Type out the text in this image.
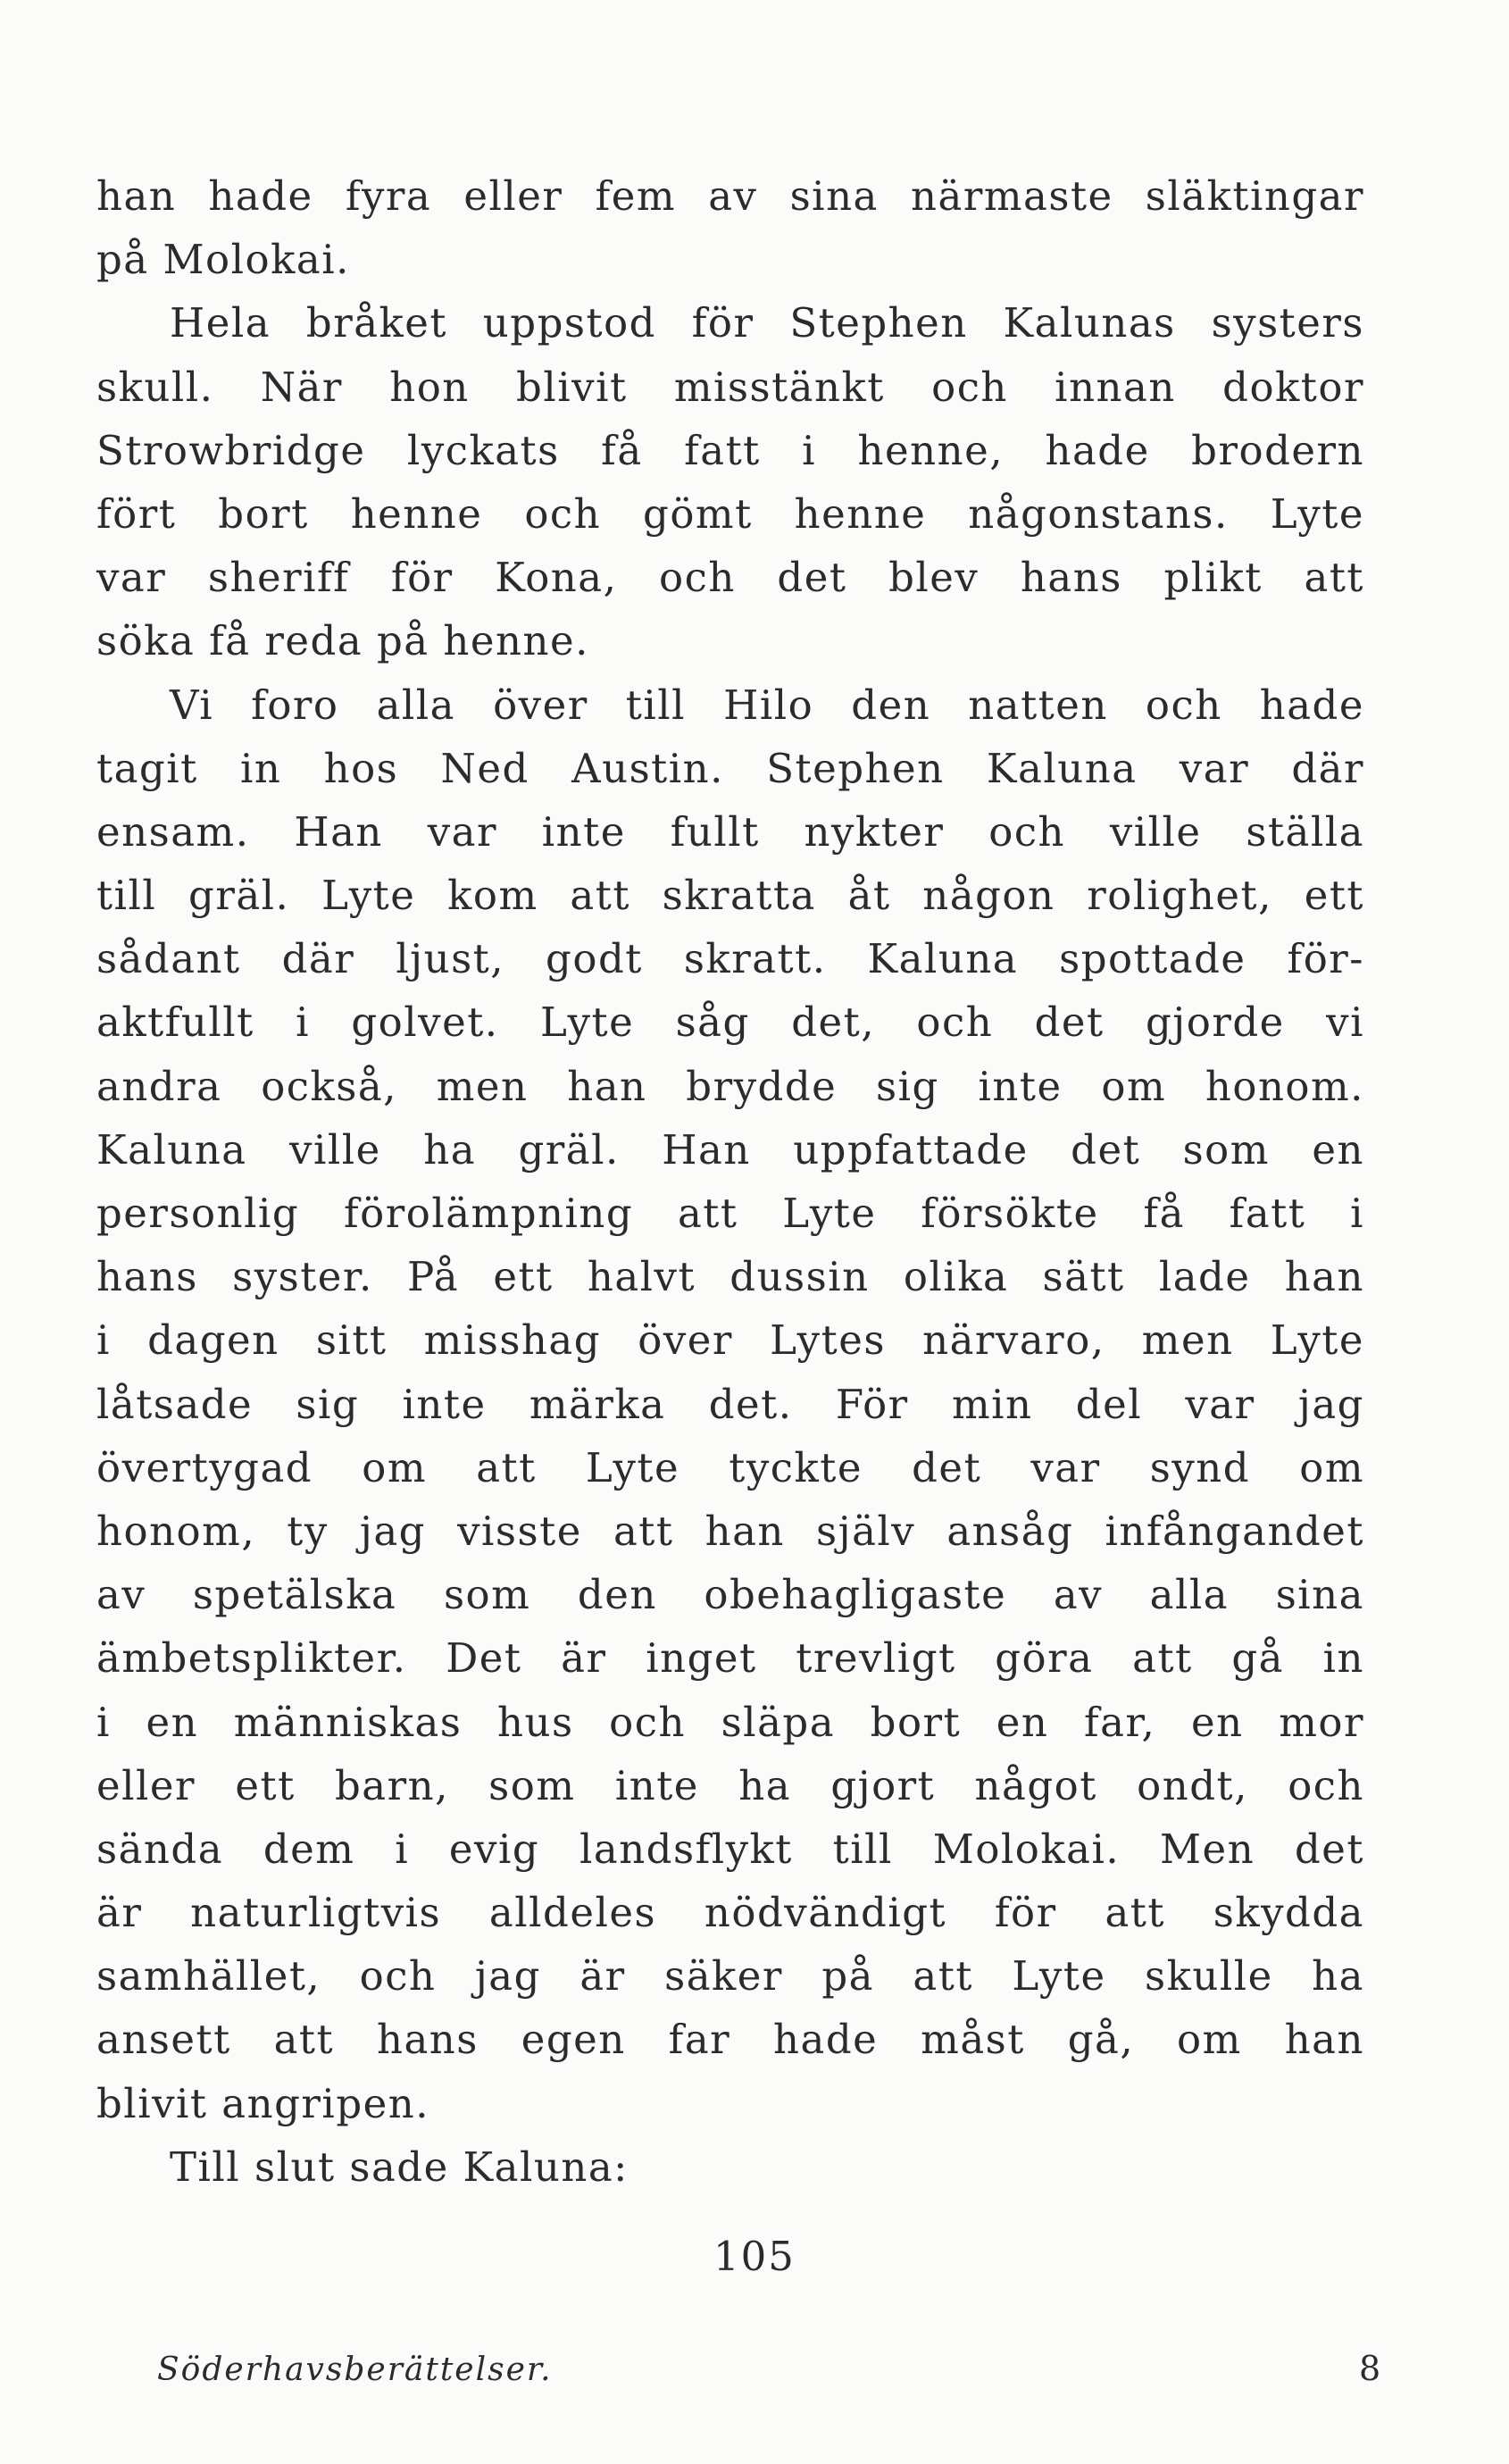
han hade fyra eller fem av sina närmaste släktingar
på Molokai.
Hela bråket uppstod för Stephen Kalunas systers
skull. När hon blivit misstänkt och innan doktor
Strowbridge lyckats få fatt i henne, hade brodern
fört bort henne och gömt henne någonstans. Lyte
var sheriff för Kona, och det blev hans plikt att
söka få reda på henne.
Vi foro alla över till Hilo den natten och hade
tagit in hos Ned Austin. Stephen Kaluna var där
ensam. Han var inte fullt nykter och ville ställa
till gräl. Lyte kom att skratta åt någon rolighet, ett
sådant där ljust, godt skratt. Kaluna spottade för-
aktfullt i golvet. Lyte såg det, och det gjorde vi
andra också, men han brydde sig inte om honom.
Kaluna ville ha gräl. Han uppfattade det som en
personlig förolämpning att Lyte försökte få fatt i
hans syster. På ett halvt dussin olika sätt lade han
i dagen sitt misshag över Lytes närvaro, men Lyte
låtsade sig inte märka det. För min del var jag
övertygad om att Lyte tyckte det var synd om
honom, ty jag visste att han själv ansåg infångandet
av spetälska som den obehagligaste av alla sina
ämbetsplikter. Det är inget trevligt göra att gå in
i en människas hus och släpa bort en far, en mor
eller ett barn, som inte ha gjort något ondt, och
sända dem i evig landsflykt till Molokai. Men det
är naturligtvis alldeles nödvändigt för att skydda
samhället, och jag är säker på att Lyte skulle ha
ansett att hans egen far hade måst gå, om han
blivit angripen.
Till slut sade Kaluna:
105
Söderhavsberättelser.	8
